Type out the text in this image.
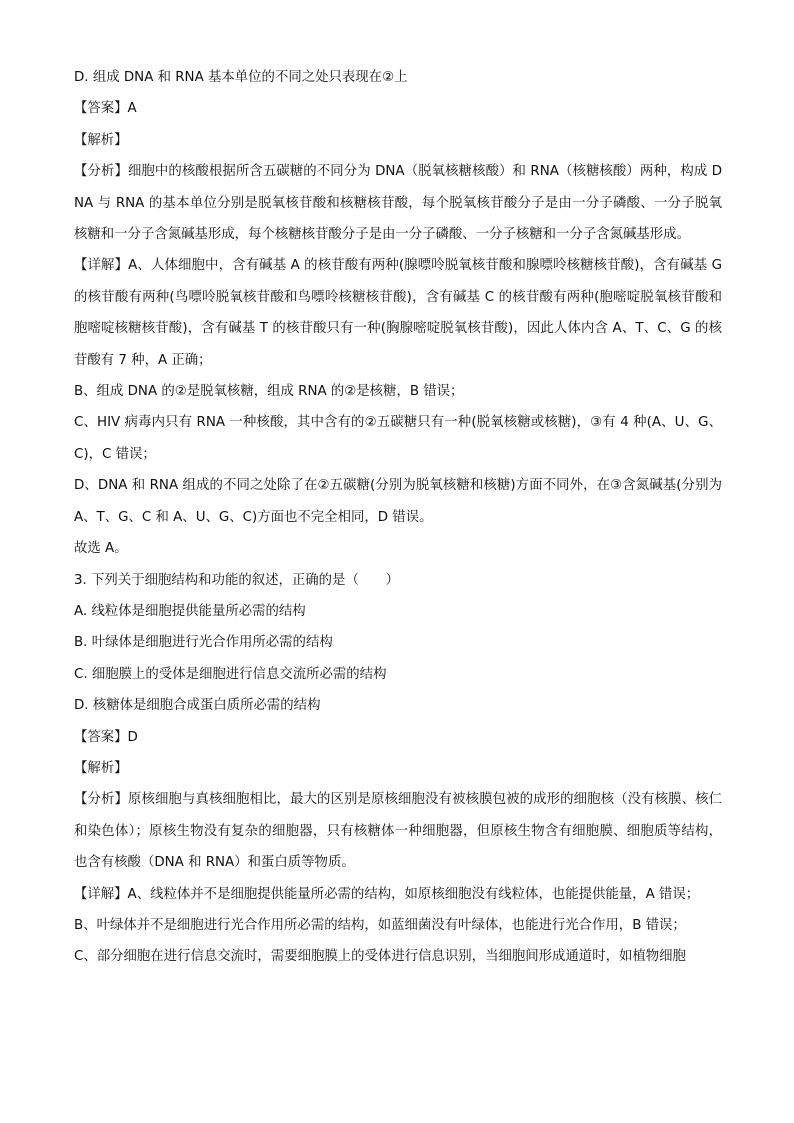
D. 组成 DNA 和 RNA 基本单位的不同之处只表现在②上

【答案】A

【解析】

【分析】细胞中的核酸根据所含五碳糖的不同分为 DNA（脱氧核糖核酸）和 RNA（核糖核酸）两种，构成 DNA 与 RNA 的基本单位分别是脱氧核苷酸和核糖核苷酸，每个脱氧核苷酸分子是由一分子磷酸、一分子脱氧核糖和一分子含氮碱基形成，每个核糖核苷酸分子是由一分子磷酸、一分子核糖和一分子含氮碱基形成。

【详解】A、人体细胞中，含有碱基 A 的核苷酸有两种(腺嘌呤脱氧核苷酸和腺嘌呤核糖核苷酸)，含有碱基 G 的核苷酸有两种(鸟嘌呤脱氧核苷酸和鸟嘌呤核糖核苷酸)，含有碱基 C 的核苷酸有两种(胞嘧啶脱氧核苷酸和胞嘧啶核糖核苷酸)，含有碱基 T 的核苷酸只有一种(胸腺嘧啶脱氧核苷酸)，因此人体内含 A、T、C、G 的核苷酸有 7 种，A 正确；

B、组成 DNA 的②是脱氧核糖，组成 RNA 的②是核糖，B 错误；

C、HIV 病毒内只有 RNA 一种核酸，其中含有的②五碳糖只有一种(脱氧核糖或核糖)，③有 4 种(A、U、G、C)，C 错误；

D、DNA 和 RNA 组成的不同之处除了在②五碳糖(分别为脱氧核糖和核糖)方面不同外，在③含氮碱基(分别为 A、T、G、C 和 A、U、G、C)方面也不完全相同，D 错误。

故选 A。

3. 下列关于细胞结构和功能的叙述，正确的是（　　）

A. 线粒体是细胞提供能量所必需的结构

B. 叶绿体是细胞进行光合作用所必需的结构

C. 细胞膜上的受体是细胞进行信息交流所必需的结构

D. 核糖体是细胞合成蛋白质所必需的结构

【答案】D

【解析】

【分析】原核细胞与真核细胞相比，最大的区别是原核细胞没有被核膜包被的成形的细胞核（没有核膜、核仁和染色体）；原核生物没有复杂的细胞器，只有核糖体一种细胞器，但原核生物含有细胞膜、细胞质等结构，也含有核酸（DNA 和 RNA）和蛋白质等物质。

【详解】A、线粒体并不是细胞提供能量所必需的结构，如原核细胞没有线粒体，也能提供能量，A 错误；

B、叶绿体并不是细胞进行光合作用所必需的结构，如蓝细菌没有叶绿体，也能进行光合作用，B 错误；

C、部分细胞在进行信息交流时，需要细胞膜上的受体进行信息识别，当细胞间形成通道时，如植物细胞
